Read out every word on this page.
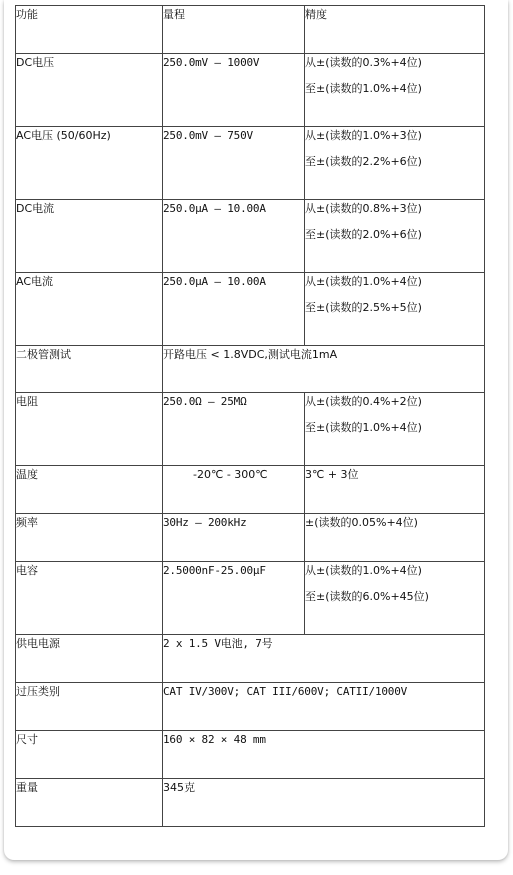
功能	量程	精度
DC电压	250.0mV – 1000V	从±(读数的0.3%+4位)
至±(读数的1.0%+4位)

AC电压 (50/60Hz)	250.0mV – 750V	从±(读数的1.0%+3位)
至±(读数的2.2%+6位)

DC电流	250.0μA – 10.00A	从±(读数的0.8%+3位)
至±(读数的2.0%+6位)

AC电流	250.0μA – 10.00A	从±(读数的1.0%+4位)
至±(读数的2.5%+5位)

二极管测试	开路电压 < 1.8VDC,测试电流1mA	
电阻	250.0Ω – 25MΩ	从±(读数的0.4%+2位)
至±(读数的1.0%+4位)

温度	-20℃ - 300℃	3℃ + 3位
频率	30Hz – 200kHz	±(读数的0.05%+4位)
电容	2.5000nF-25.00μF	从±(读数的1.0%+4位)
至±(读数的6.0%+45位)

供电电源	2 x 1.5 V电池, 7号	
过压类别	CAT IV/300V; CAT III/600V; CATII/1000V	
尺寸	160 × 82 × 48 mm	
重量	345克	
